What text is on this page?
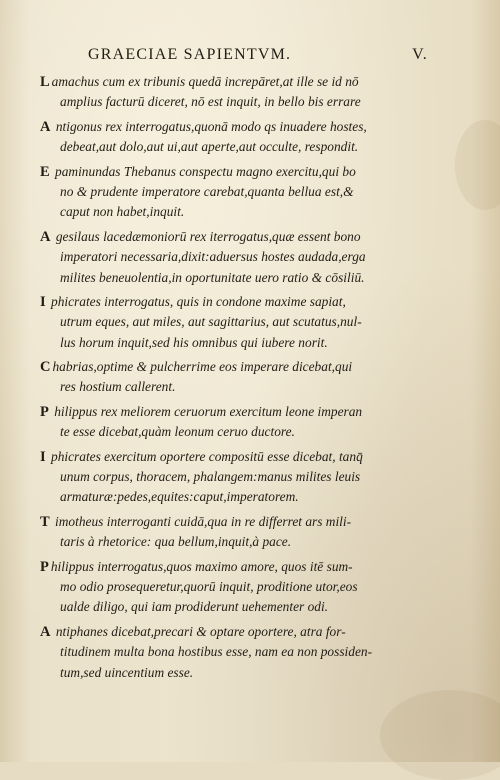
GRAECIAE SAPIENTVM.	V.
L amachus cum ex tribunis quedā increpāret,at ille se id nō
amplius facturū diceret, nō est inquit, in bello bis errare
A ntigonus rex interrogatus,quonā modo qs inuadere hostes,
debeat,aut dolo,aut ui,aut aperte,aut occulte, respondit.
E paminundas Thebanus conspectu magno exercitu,qui bo
no & prudente imperatore carebat,quanta bellua est,&
caput non habet,inquit.
A gesilaus lacedæmoniorū rex iterrogatus,quæ essent bono
imperatori necessaria,dixit:aduersus hostes audada,erga
milites beneuolentia,in oportunitate uero ratio & cōsiliū.
I phicrates interrogatus, quis in condone maxime sapiat,
utrum eques, aut miles, aut sagittarius, aut scutatus,nul-
lus horum inquit,sed his omnibus qui iubere norit.
C habrias,optime & pulcherrime eos imperare dicebat,qui
res hostium callerent.
P hilippus rex meliorem ceruorum exercitum leone imperan
te esse dicebat,quàm leonum ceruo ductore.
I phicrates exercitum oportere compositū esse dicebat, tanq̄
unum corpus, thoracem, phalangem:manus milites leuis
armaturæ:pedes,equites:caput,imperatorem.
T imotheus interroganti cuidā,qua in re differret ars mili-
taris à rhetorice: qua bellum,inquit,à pace.
P hilippus interrogatus,quos maximo amore, quos itē sum-
mo odio prosequeretur,quorū inquit, proditione utor,eos
ualde diligo, qui iam prodiderunt uehementer odi.
A ntiphanes dicebat,precari & optare oportere, atra for-
titudinem multa bona hostibus esse, nam ea non possiden-
tum,sed uincentium esse.
